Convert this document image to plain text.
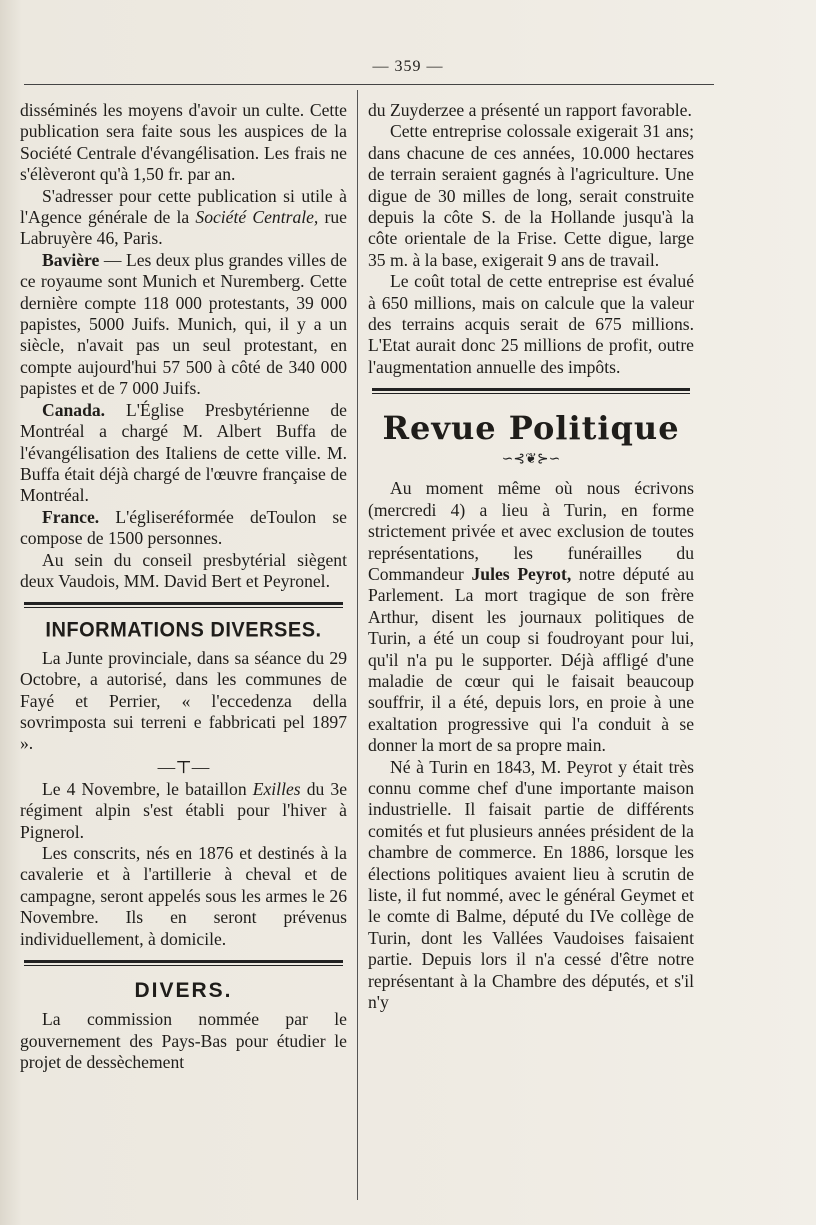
— 359 —

disséminés les moyens d'avoir un culte. Cette publication sera faite sous les auspices de la Société Centrale d'évangélisation. Les frais ne s'élèveront qu'à 1,50 fr. par an.

S'adresser pour cette publication si utile à l'Agence générale de la Société Centrale, rue Labruyère 46, Paris.

Bavière — Les deux plus grandes villes de ce royaume sont Munich et Nuremberg. Cette dernière compte 118 000 protestants, 39 000 papistes, 5000 Juifs. Munich, qui, il y a un siècle, n'avait pas un seul protestant, en compte aujourd'hui 57 500 à côté de 340 000 papistes et de 7 000 Juifs.

Canada. L'Église Presbytérienne de Montréal a chargé M. Albert Buffa de l'évangélisation des Italiens de cette ville. M. Buffa était déjà chargé de l'œuvre française de Montréal.

France. L'égliseréformée deToulon se compose de 1500 personnes.

Au sein du conseil presbytérial siègent deux Vaudois, MM. David Bert et Peyronel.

INFORMATIONS DIVERSES.

La Junte provinciale, dans sa séance du 29 Octobre, a autorisé, dans les communes de Fayé et Perrier, « l'eccedenza della sovrimposta sui terreni e fabbricati pel 1897 ».

—⊤—

Le 4 Novembre, le bataillon Exilles du 3e régiment alpin s'est établi pour l'hiver à Pignerol.

Les conscrits, nés en 1876 et destinés à la cavalerie et à l'artillerie à cheval et de campagne, seront appelés sous les armes le 26 Novembre. Ils en seront prévenus individuellement, à domicile.

DIVERS.

La commission nommée par le gouvernement des Pays-Bas pour étudier le projet de dessèchement

du Zuyderzee a présenté un rapport favorable.

Cette entreprise colossale exigerait 31 ans; dans chacune de ces années, 10.000 hectares de terrain seraient gagnés à l'agriculture. Une digue de 30 milles de long, serait construite depuis la côte S. de la Hollande jusqu'à la côte orientale de la Frise. Cette digue, large 35 m. à la base, exigerait 9 ans de travail.

Le coût total de cette entreprise est évalué à 650 millions, mais on calcule que la valeur des terrains acquis serait de 675 millions. L'Etat aurait donc 25 millions de profit, outre l'augmentation annuelle des impôts.

Revue Politique
∽⊰❦⊱∽

Au moment même où nous écrivons (mercredi 4) a lieu à Turin, en forme strictement privée et avec exclusion de toutes représentations, les funérailles du Commandeur Jules Peyrot, notre député au Parlement. La mort tragique de son frère Arthur, disent les journaux politiques de Turin, a été un coup si foudroyant pour lui, qu'il n'a pu le supporter. Déjà affligé d'une maladie de cœur qui le faisait beaucoup souffrir, il a été, depuis lors, en proie à une exaltation progressive qui l'a conduit à se donner la mort de sa propre main.

Né à Turin en 1843, M. Peyrot y était très connu comme chef d'une importante maison industrielle. Il faisait partie de différents comités et fut plusieurs années président de la chambre de commerce. En 1886, lorsque les élections politiques avaient lieu à scrutin de liste, il fut nommé, avec le général Geymet et le comte di Balme, député du IVe collège de Turin, dont les Vallées Vaudoises faisaient partie. Depuis lors il n'a cessé d'être notre représentant à la Chambre des députés, et s'il n'y
